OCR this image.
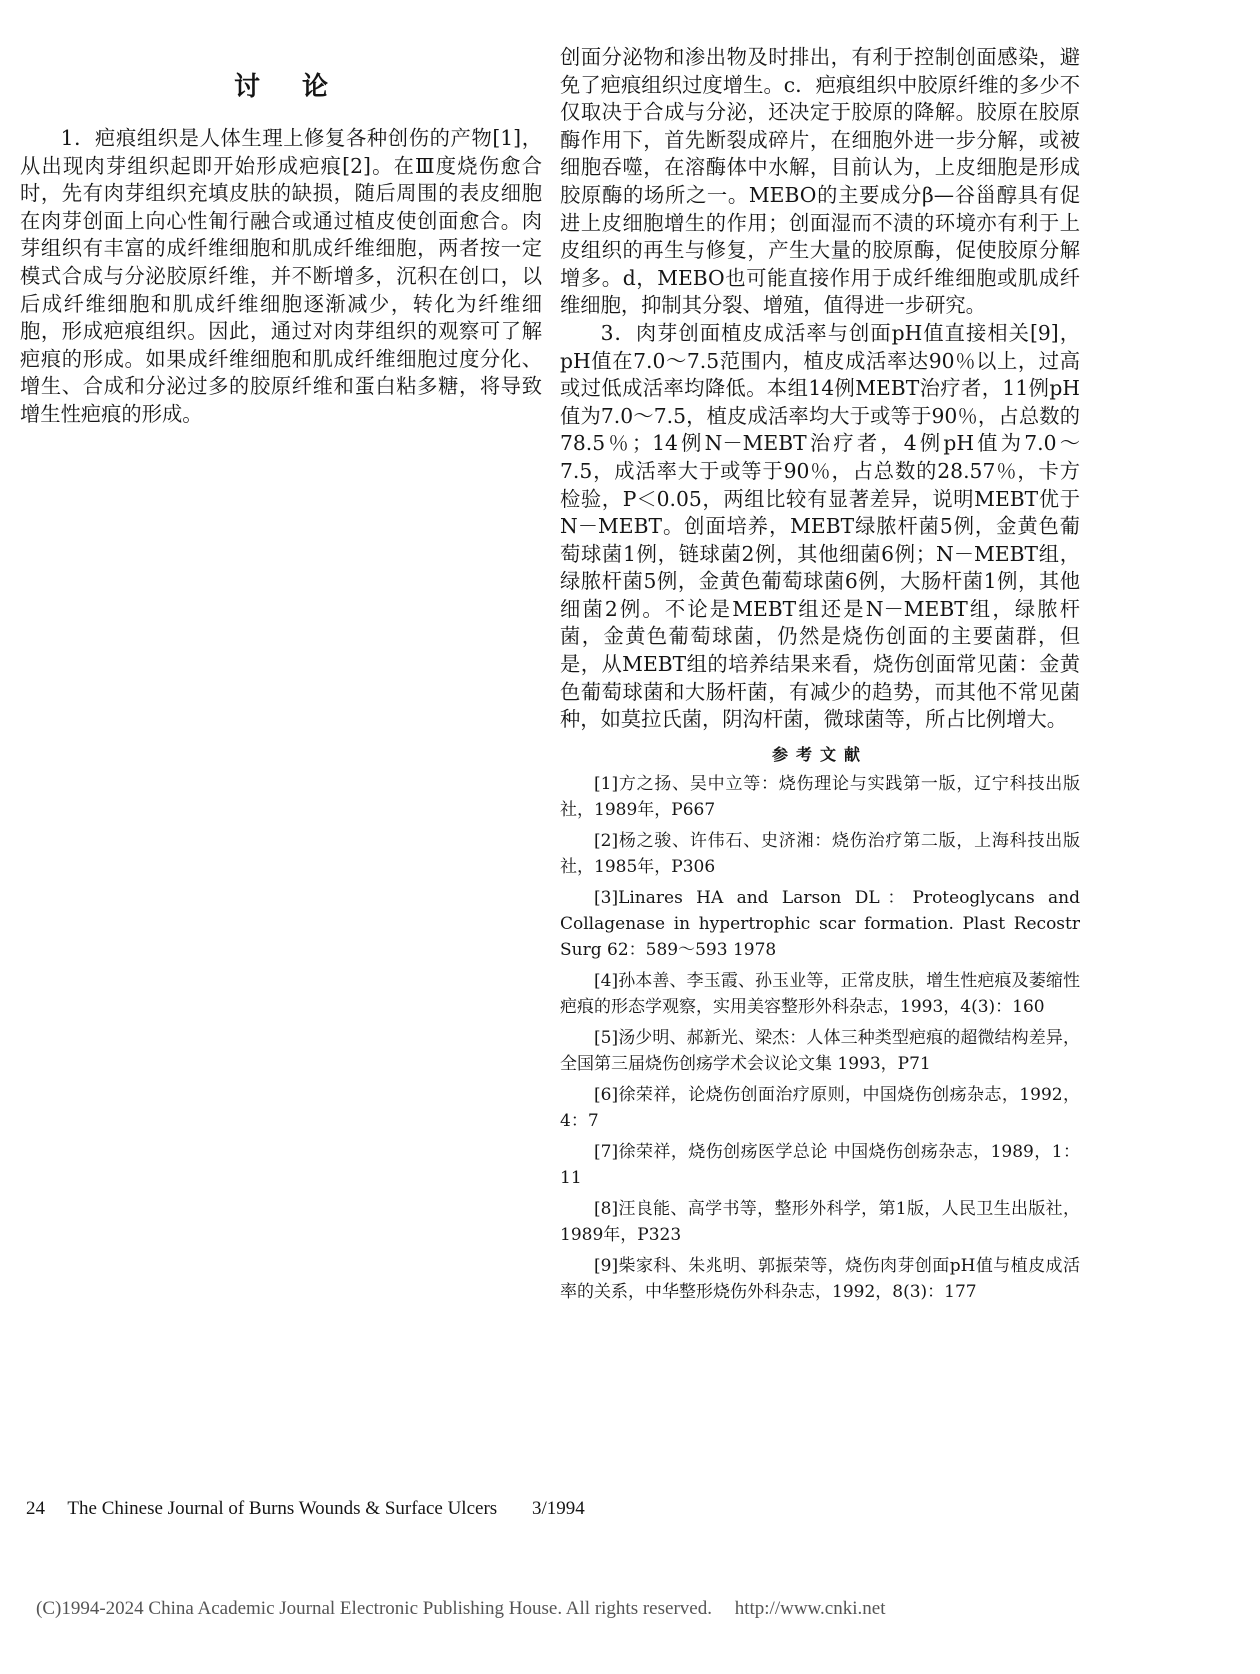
讨论

1．疤痕组织是人体生理上修复各种创伤的产物[1]，从出现肉芽组织起即开始形成疤痕[2]。在Ⅲ度烧伤愈合时，先有肉芽组织充填皮肤的缺损，随后周围的表皮细胞在肉芽创面上向心性匍行融合或通过植皮使创面愈合。肉芽组织有丰富的成纤维细胞和肌成纤维细胞，两者按一定模式合成与分泌胶原纤维，并不断增多，沉积在创口，以后成纤维细胞和肌成纤维细胞逐渐减少，转化为纤维细胞，形成疤痕组织。因此，通过对肉芽组织的观察可了解疤痕的形成。如果成纤维细胞和肌成纤维细胞过度分化、增生、合成和分泌过多的胶原纤维和蛋白粘多糖，将导致增生性疤痕的形成。

创面分泌物和渗出物及时排出，有利于控制创面感染，避免了疤痕组织过度增生。c．疤痕组织中胶原纤维的多少不仅取决于合成与分泌，还决定于胶原的降解。胶原在胶原酶作用下，首先断裂成碎片，在细胞外进一步分解，或被细胞吞噬，在溶酶体中水解，目前认为，上皮细胞是形成胶原酶的场所之一。MEBO的主要成分β—谷甾醇具有促进上皮细胞增生的作用；创面湿而不渍的环境亦有利于上皮组织的再生与修复，产生大量的胶原酶，促使胶原分解增多。d，MEBO也可能直接作用于成纤维细胞或肌成纤维细胞，抑制其分裂、增殖，值得进一步研究。

3．肉芽创面植皮成活率与创面pH值直接相关[9]，pH值在7.0～7.5范围内，植皮成活率达90％以上，过高或过低成活率均降低。本组14例MEBT治疗者，11例pH值为7.0～7.5，植皮成活率均大于或等于90％，占总数的78.5％；14例N－MEBT治疗者，4例pH值为7.0～7.5，成活率大于或等于90％，占总数的28.57％，卡方检验，P＜0.05，两组比较有显著差异，说明MEBT优于N－MEBT。创面培养，MEBT绿脓杆菌5例，金黄色葡萄球菌1例，链球菌2例，其他细菌6例；N－MEBT组，绿脓杆菌5例，金黄色葡萄球菌6例，大肠杆菌1例，其他细菌2例。不论是MEBT组还是N－MEBT组，绿脓杆菌，金黄色葡萄球菌，仍然是烧伤创面的主要菌群，但是，从MEBT组的培养结果来看，烧伤创面常见菌：金黄色葡萄球菌和大肠杆菌，有减少的趋势，而其他不常见菌种，如莫拉氏菌，阴沟杆菌，微球菌等，所占比例增大。

参考文献

[1]方之扬、吴中立等：烧伤理论与实践第一版，辽宁科技出版社，1989年，P667

[2]杨之骏、许伟石、史济湘：烧伤治疗第二版，上海科技出版社，1985年，P306

[3]Linares HA and Larson DL：Proteoglycans and Collagenase in hypertrophic scar formation. Plast Recostr Surg 62：589～593 1978

[4]孙本善、李玉霞、孙玉业等，正常皮肤，增生性疤痕及萎缩性疤痕的形态学观察，实用美容整形外科杂志，1993，4(3)：160

[5]汤少明、郝新光、梁杰：人体三种类型疤痕的超微结构差异，全国第三届烧伤创疡学术会议论文集 1993，P71

[6]徐荣祥，论烧伤创面治疗原则，中国烧伤创疡杂志，1992，4：7

[7]徐荣祥，烧伤创疡医学总论 中国烧伤创疡杂志，1989，1：11

[8]汪良能、高学书等，整形外科学，第1版，人民卫生出版社，1989年，P323

[9]柴家科、朱兆明、郭振荣等，烧伤肉芽创面pH值与植皮成活率的关系，中华整形烧伤外科杂志，1992，8(3)：177

24 The Chinese Journal of Burns Wounds & Surface Ulcers 3/1994
(C)1994-2024 China Academic Journal Electronic Publishing House. All rights reserved. http://www.cnki.net
